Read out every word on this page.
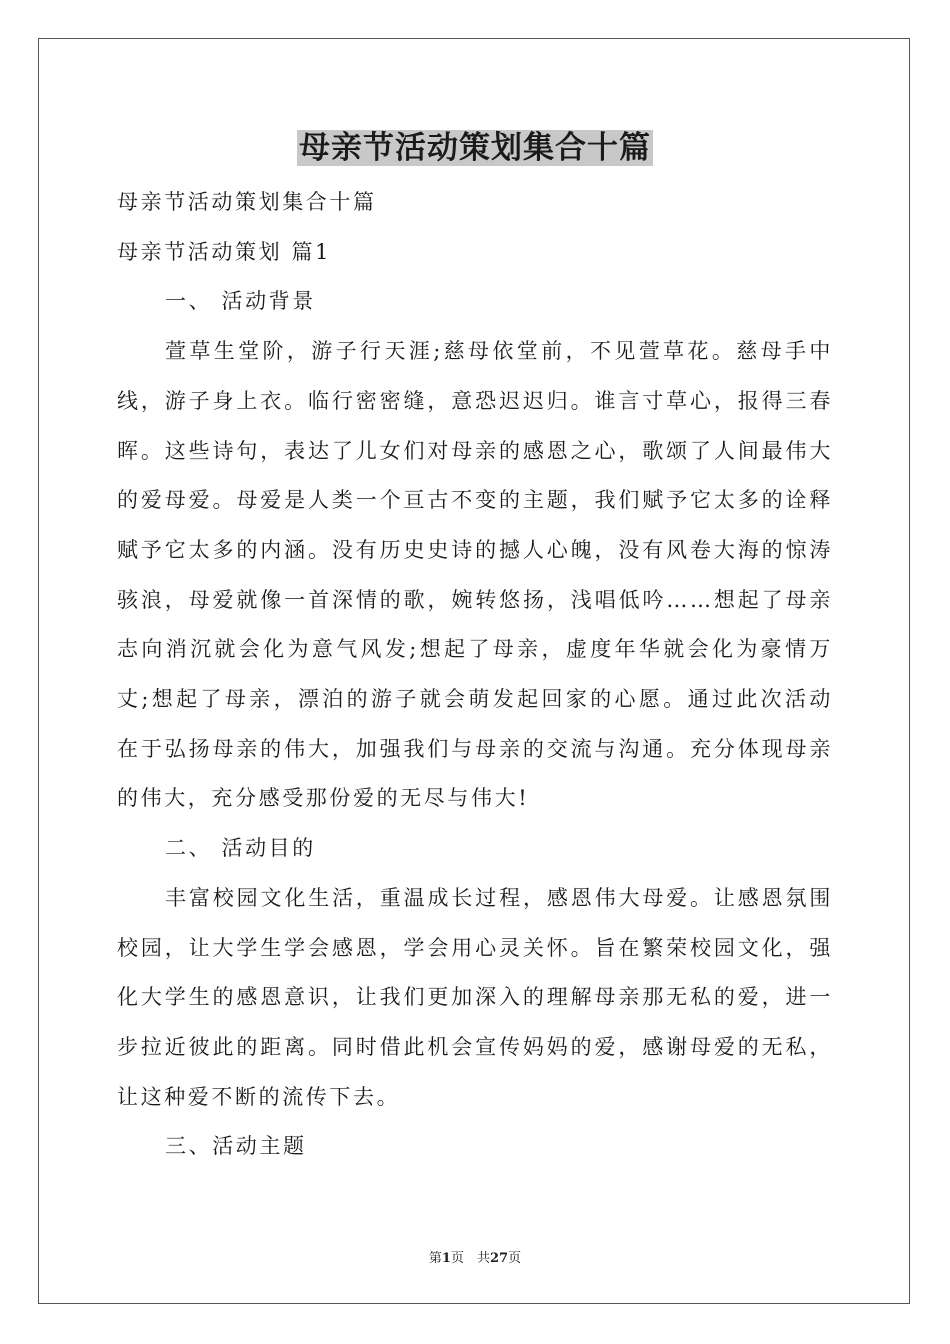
母亲节活动策划集合十篇

母亲节活动策划集合十篇

母亲节活动策划 篇1

一、 活动背景

萱草生堂阶，游子行天涯;慈母依堂前，不见萱草花。慈母手中线，游子身上衣。临行密密缝，意恐迟迟归。谁言寸草心，报得三春晖。这些诗句，表达了儿女们对母亲的感恩之心，歌颂了人间最伟大的爱母爱。母爱是人类一个亘古不变的主题，我们赋予它太多的诠释赋予它太多的内涵。没有历史史诗的撼人心魄，没有风卷大海的惊涛骇浪，母爱就像一首深情的歌，婉转悠扬，浅唱低吟……想起了母亲志向消沉就会化为意气风发;想起了母亲，虚度年华就会化为豪情万丈;想起了母亲，漂泊的游子就会萌发起回家的心愿。通过此次活动在于弘扬母亲的伟大，加强我们与母亲的交流与沟通。充分体现母亲的伟大，充分感受那份爱的无尽与伟大!

二、 活动目的

丰富校园文化生活，重温成长过程，感恩伟大母爱。让感恩氛围校园，让大学生学会感恩，学会用心灵关怀。旨在繁荣校园文化，强化大学生的感恩意识，让我们更加深入的理解母亲那无私的爱，进一步拉近彼此的距离。同时借此机会宣传妈妈的爱，感谢母爱的无私，让这种爱不断的流传下去。

三、活动主题

第1页　共27页
